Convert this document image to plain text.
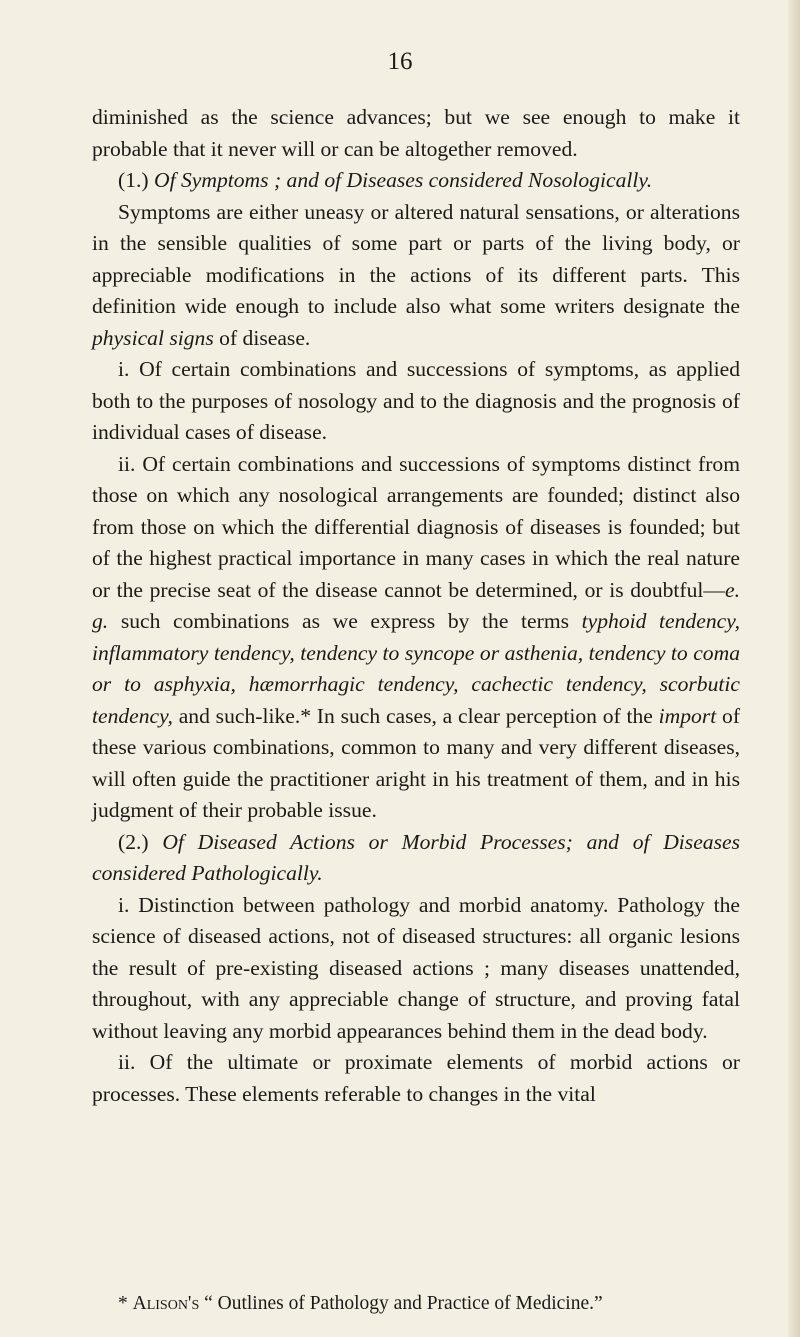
16

diminished as the science advances; but we see enough to make it probable that it never will or can be altogether removed.

(1.) Of Symptoms ; and of Diseases considered Nosologically.

Symptoms are either uneasy or altered natural sensations, or alterations in the sensible qualities of some part or parts of the living body, or appreciable modifications in the actions of its different parts. This definition wide enough to include also what some writers designate the physical signs of disease.

i. Of certain combinations and successions of symptoms, as applied both to the purposes of nosology and to the diagnosis and the prognosis of individual cases of disease.

ii. Of certain combinations and successions of symptoms distinct from those on which any nosological arrangements are founded; distinct also from those on which the differential diagnosis of diseases is founded; but of the highest practical importance in many cases in which the real nature or the precise seat of the disease cannot be determined, or is doubtful—e. g. such combinations as we express by the terms typhoid tendency, inflammatory tendency, tendency to syncope or asthenia, tendency to coma or to asphyxia, hæmorrhagic tendency, cachectic tendency, scorbutic tendency, and such-like.* In such cases, a clear perception of the import of these various combinations, common to many and very different diseases, will often guide the practitioner aright in his treatment of them, and in his judgment of their probable issue.

(2.) Of Diseased Actions or Morbid Processes; and of Diseases considered Pathologically.

i. Distinction between pathology and morbid anatomy. Pathology the science of diseased actions, not of diseased structures: all organic lesions the result of pre-existing diseased actions ; many diseases unattended, throughout, with any appreciable change of structure, and proving fatal without leaving any morbid appearances behind them in the dead body.

ii. Of the ultimate or proximate elements of morbid actions or processes. These elements referable to changes in the vital

* Alison's “ Outlines of Pathology and Practice of Medicine.”
